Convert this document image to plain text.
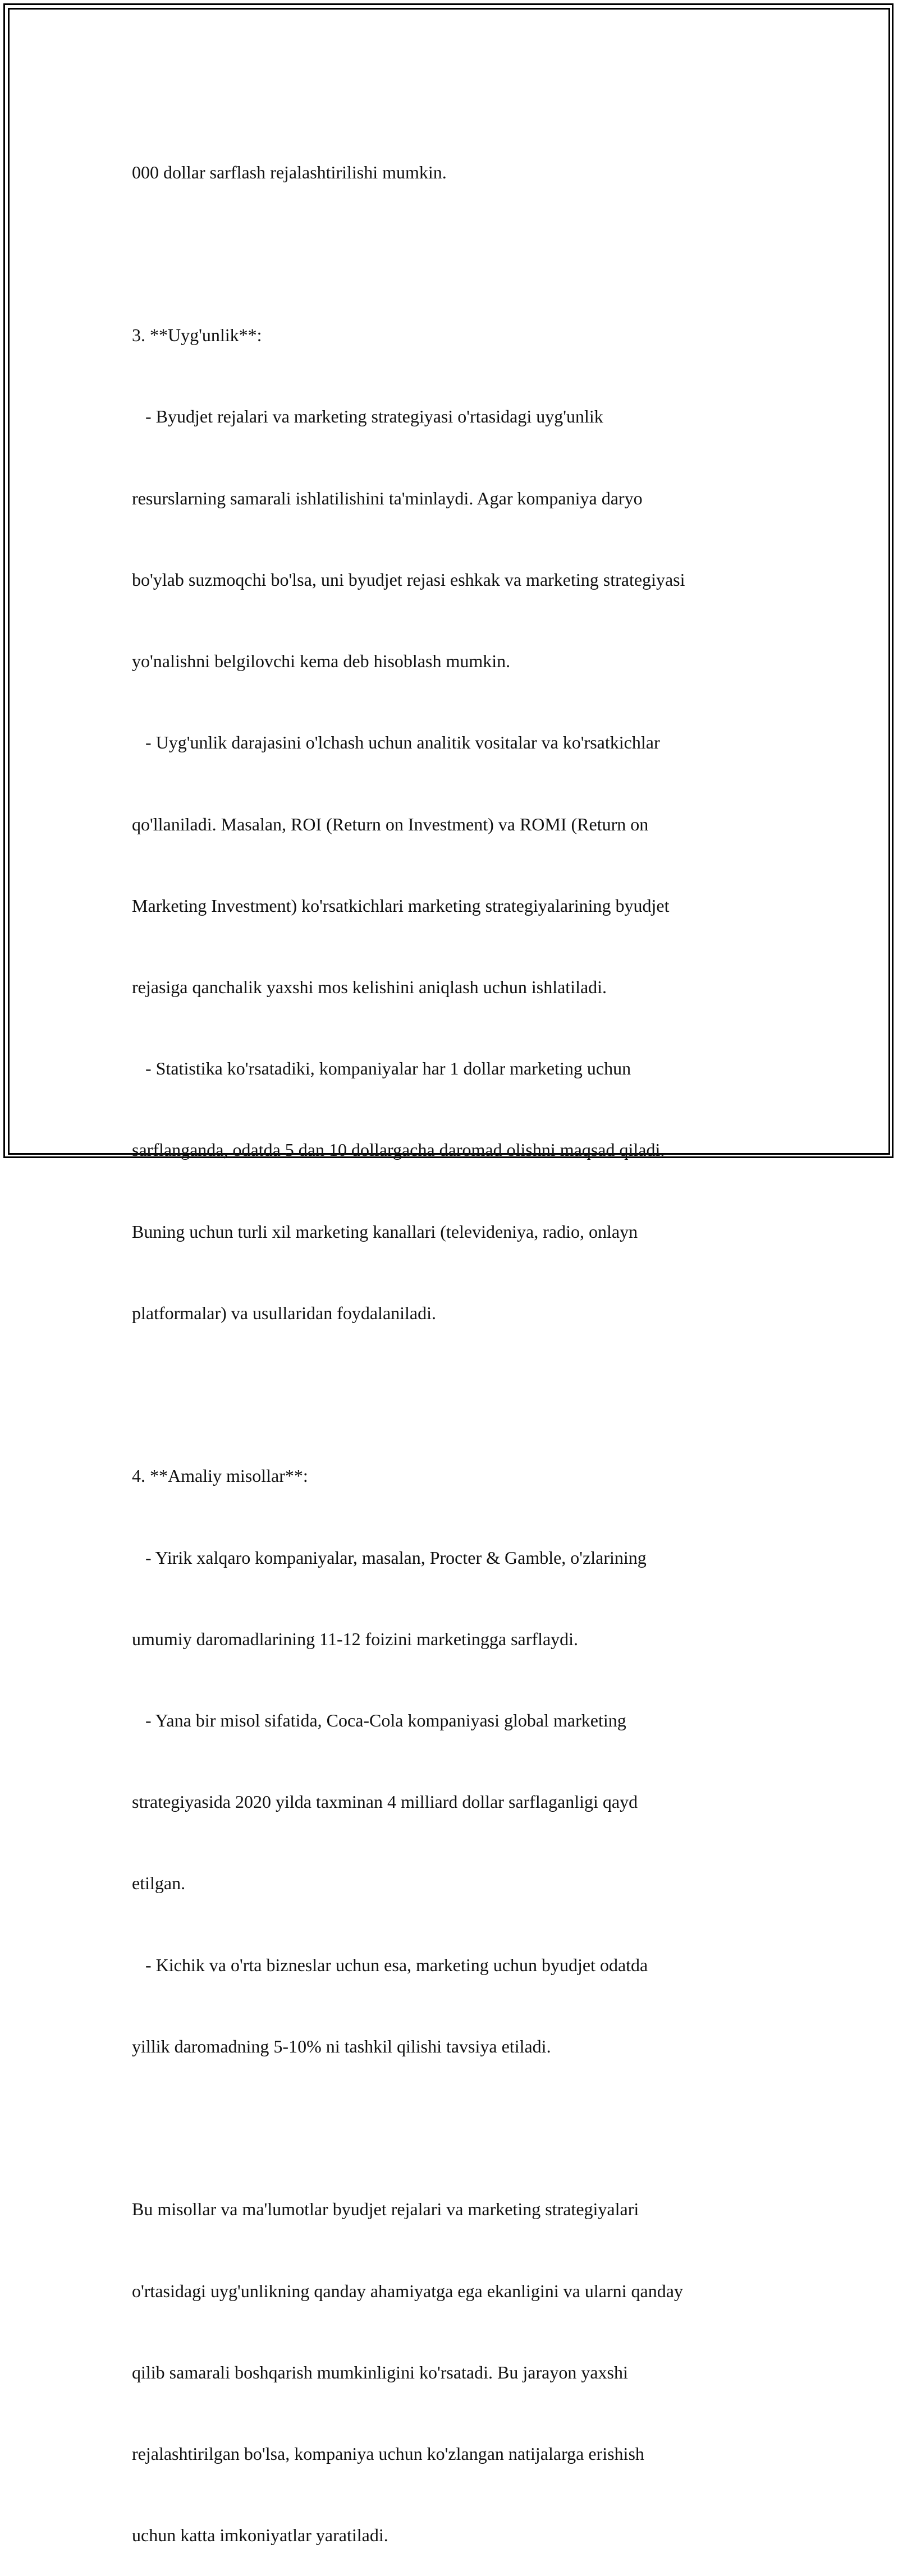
000 dollar sarflash rejalashtirilishi mumkin.

3. **Uyg'unlik**:

- Byudjet rejalari va marketing strategiyasi o'rtasidagi uyg'unlik

resurslarning samarali ishlatilishini ta'minlaydi. Agar kompaniya daryo

bo'ylab suzmoqchi bo'lsa, uni byudjet rejasi eshkak va marketing strategiyasi

yo'nalishni belgilovchi kema deb hisoblash mumkin.

- Uyg'unlik darajasini o'lchash uchun analitik vositalar va ko'rsatkichlar

qo'llaniladi. Masalan, ROI (Return on Investment) va ROMI (Return on

Marketing Investment) ko'rsatkichlari marketing strategiyalarining byudjet

rejasiga qanchalik yaxshi mos kelishini aniqlash uchun ishlatiladi.

- Statistika ko'rsatadiki, kompaniyalar har 1 dollar marketing uchun

sarflanganda, odatda 5 dan 10 dollargacha daromad olishni maqsad qiladi.

Buning uchun turli xil marketing kanallari (televideniya, radio, onlayn

platformalar) va usullaridan foydalaniladi.

4. **Amaliy misollar**:

- Yirik xalqaro kompaniyalar, masalan, Procter & Gamble, o'zlarining

umumiy daromadlarining 11-12 foizini marketingga sarflaydi.

- Yana bir misol sifatida, Coca-Cola kompaniyasi global marketing

strategiyasida 2020 yilda taxminan 4 milliard dollar sarflaganligi qayd

etilgan.

- Kichik va o'rta bizneslar uchun esa, marketing uchun byudjet odatda

yillik daromadning 5-10% ni tashkil qilishi tavsiya etiladi.

Bu misollar va ma'lumotlar byudjet rejalari va marketing strategiyalari

o'rtasidagi uyg'unlikning qanday ahamiyatga ega ekanligini va ularni qanday

qilib samarali boshqarish mumkinligini ko'rsatadi. Bu jarayon yaxshi

rejalashtirilgan bo'lsa, kompaniya uchun ko'zlangan natijalarga erishish

uchun katta imkoniyatlar yaratiladi.
